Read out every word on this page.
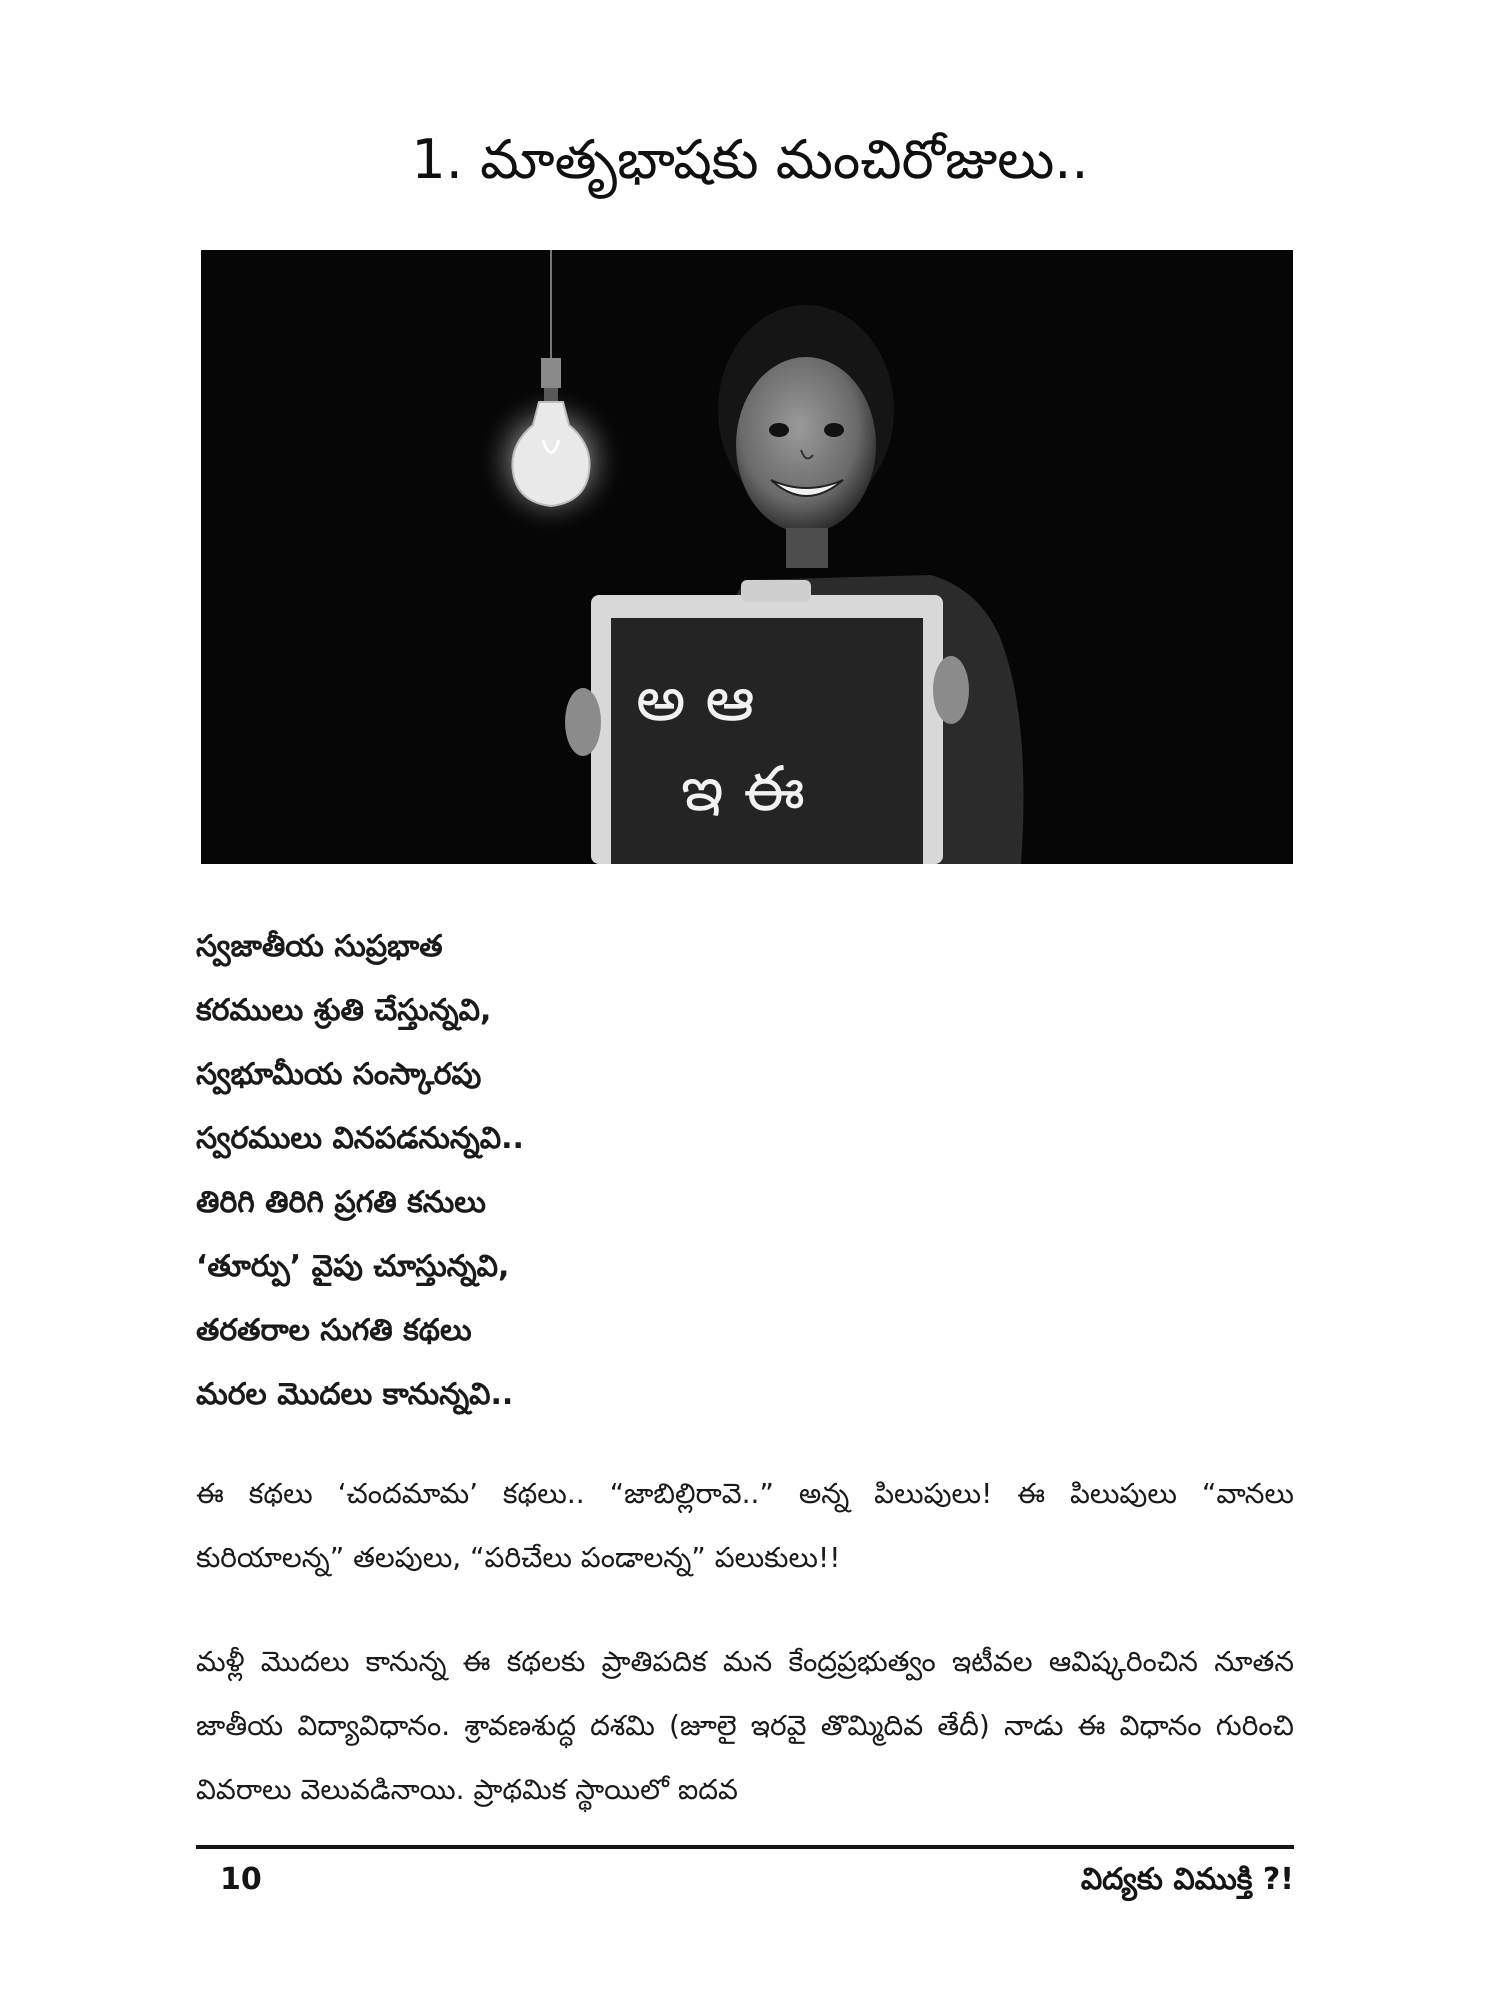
1. మాతృభాషకు మంచిరోజులు..
అ ఆ
ఇ ఈ
స్వజాతీయ సుప్రభాత
కరములు శ్రుతి చేస్తున్నవి,
స్వభూమీయ సంస్కారపు
స్వరములు వినపడనున్నవి..
తిరిగి తిరిగి ప్రగతి కనులు
‘తూర్పు’ వైపు చూస్తున్నవి,
తరతరాల సుగతి కథలు
మరల మొదలు కానున్నవి..

ఈ కథలు ‘చందమామ’ కథలు.. “జాబిల్లిరావె..” అన్న పిలుపులు! ఈ పిలుపులు “వానలు కురియాలన్న” తలపులు, “పరిచేలు పండాలన్న” పలుకులు!!

మళ్లీ మొదలు కానున్న ఈ కథలకు ప్రాతిపదిక మన కేంద్రప్రభుత్వం ఇటీవల ఆవిష్కరించిన నూతన జాతీయ విద్యావిధానం. శ్రావణశుద్ధ దశమి (జూలై ఇరవై తొమ్మిదివ తేదీ) నాడు ఈ విధానం గురించి వివరాలు వెలువడినాయి. ప్రాథమిక స్థాయిలో ఐదవ

10	విద్యకు విముక్తి ?!
